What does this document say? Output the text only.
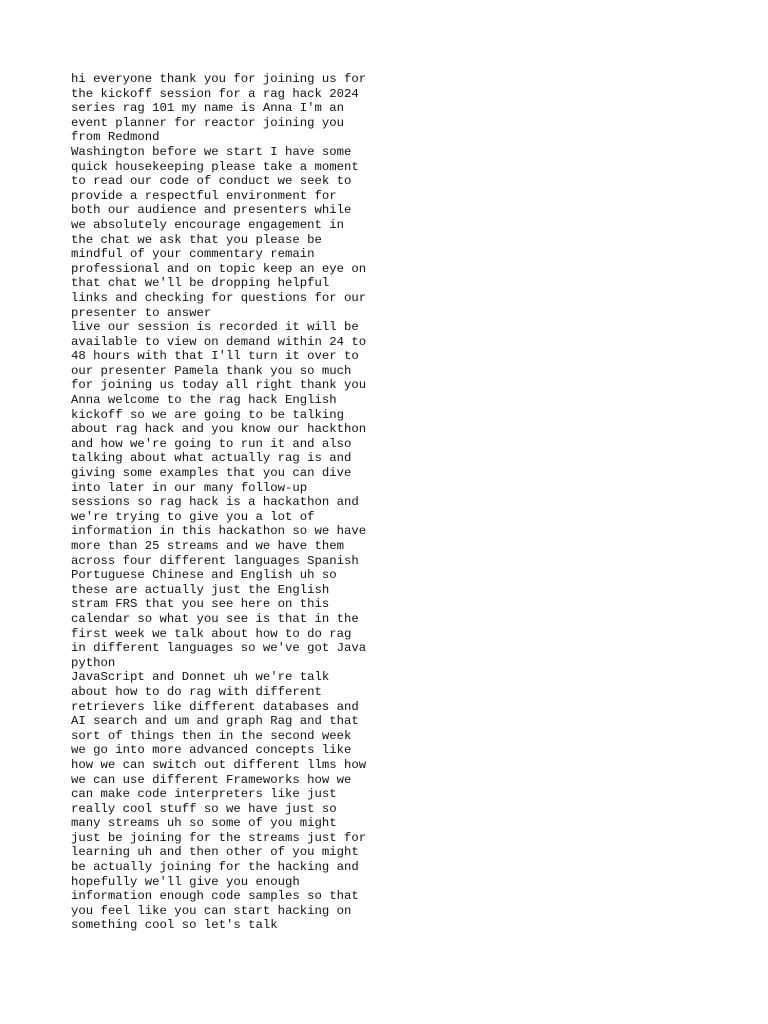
hi everyone thank you for joining us for
the kickoff session for a rag hack 2024
series rag 101 my name is Anna I'm an
event planner for reactor joining you
from Redmond
Washington before we start I have some
quick housekeeping please take a moment
to read our code of conduct we seek to
provide a respectful environment for
both our audience and presenters while
we absolutely encourage engagement in
the chat we ask that you please be
mindful of your commentary remain
professional and on topic keep an eye on
that chat we'll be dropping helpful
links and checking for questions for our
presenter to answer
live our session is recorded it will be
available to view on demand within 24 to
48 hours with that I'll turn it over to
our presenter Pamela thank you so much
for joining us today all right thank you
Anna welcome to the rag hack English
kickoff so we are going to be talking
about rag hack and you know our hackthon
and how we're going to run it and also
talking about what actually rag is and
giving some examples that you can dive
into later in our many follow-up
sessions so rag hack is a hackathon and
we're trying to give you a lot of
information in this hackathon so we have
more than 25 streams and we have them
across four different languages Spanish
Portuguese Chinese and English uh so
these are actually just the English
stram FRS that you see here on this
calendar so what you see is that in the
first week we talk about how to do rag
in different languages so we've got Java
python
JavaScript and Donnet uh we're talk
about how to do rag with different
retrievers like different databases and
AI search and um and graph Rag and that
sort of things then in the second week
we go into more advanced concepts like
how we can switch out different llms how
we can use different Frameworks how we
can make code interpreters like just
really cool stuff so we have just so
many streams uh so some of you might
just be joining for the streams just for
learning uh and then other of you might
be actually joining for the hacking and
hopefully we'll give you enough
information enough code samples so that
you feel like you can start hacking on
something cool so let's talk
